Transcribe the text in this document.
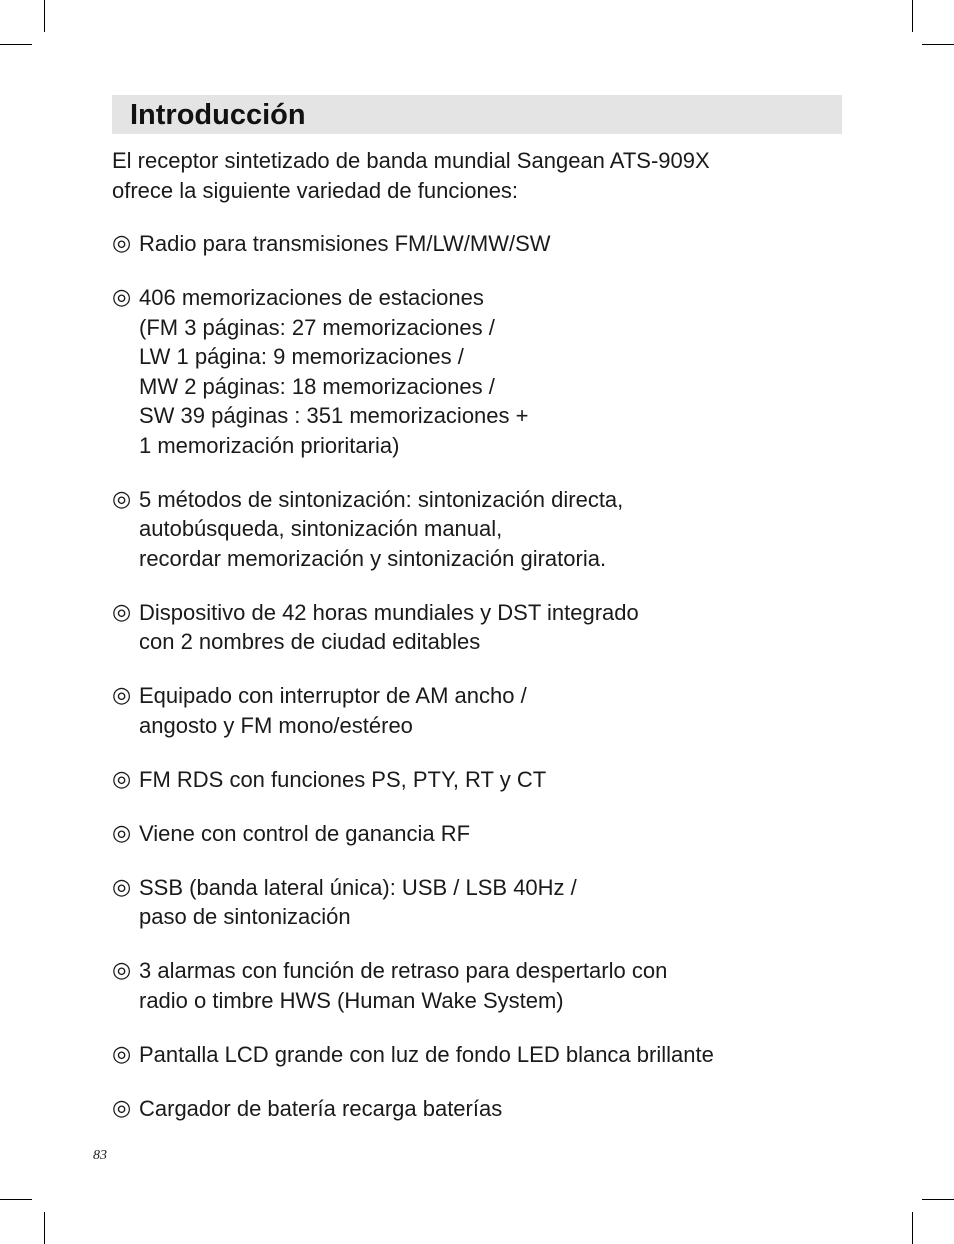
Introducción
El receptor sintetizado de banda mundial Sangean ATS-909X
ofrece la siguiente variedad de funciones:
◎ Radio para transmisiones FM/LW/MW/SW
◎ 406 memorizaciones de estaciones
(FM 3 páginas: 27 memorizaciones /
LW 1 página: 9 memorizaciones /
MW 2 páginas: 18 memorizaciones /
SW 39 páginas : 351 memorizaciones +
1 memorización prioritaria)
◎ 5 métodos de sintonización: sintonización directa,
autobúsqueda, sintonización manual,
recordar memorización y sintonización giratoria.
◎ Dispositivo de 42 horas mundiales y DST integrado
con 2 nombres de ciudad editables
◎ Equipado con interruptor de AM ancho /
angosto y FM mono/estéreo
◎ FM RDS con funciones PS, PTY, RT y CT
◎ Viene con control de ganancia RF
◎ SSB (banda lateral única): USB / LSB 40Hz /
paso de sintonización
◎ 3 alarmas con función de retraso para despertarlo con
radio o timbre HWS (Human Wake System)
◎ Pantalla LCD grande con luz de fondo LED blanca brillante
◎ Cargador de batería recarga baterías
83
